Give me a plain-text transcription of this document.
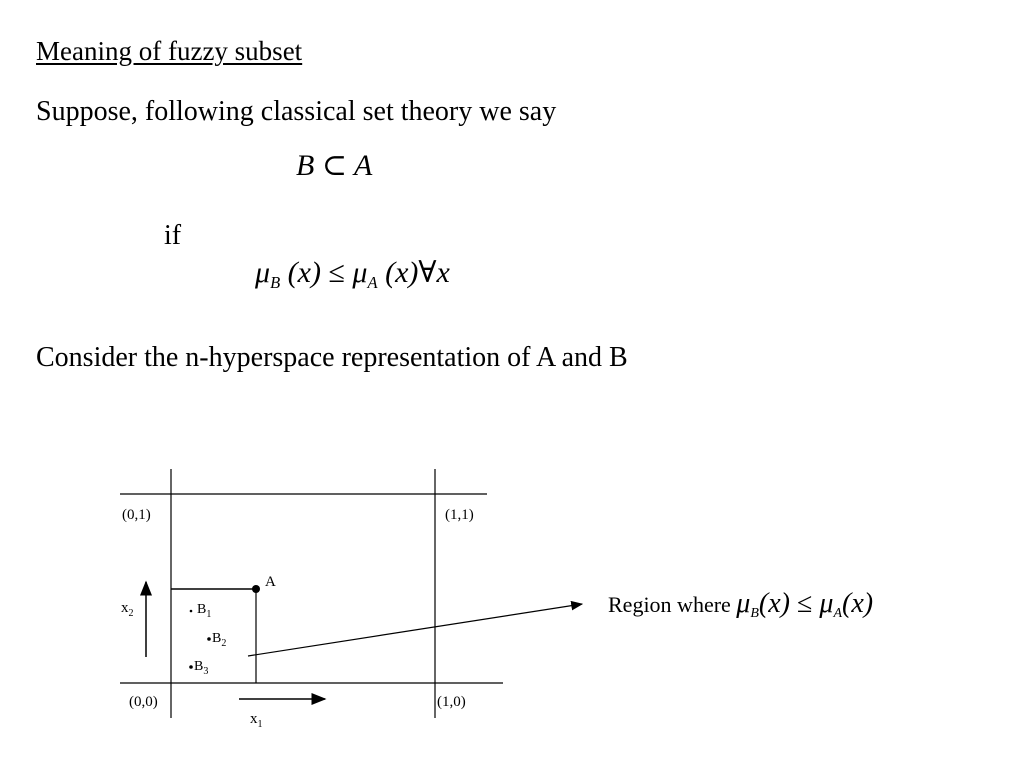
Meaning of fuzzy subset
Suppose, following classical set theory we say
B ⊂ A
if
$\mu_B$ $(x) \le \mu_A$ (x)∀x
Consider the n-hyperspace representation of A and B
(0,1)	(1,1)
(0,0)	(1,0)
A
$B_1$
$B_2$
$B_3$
$x_2$
$x_1$
Region where $\mu_B(x) \le \mu_A(x)$
